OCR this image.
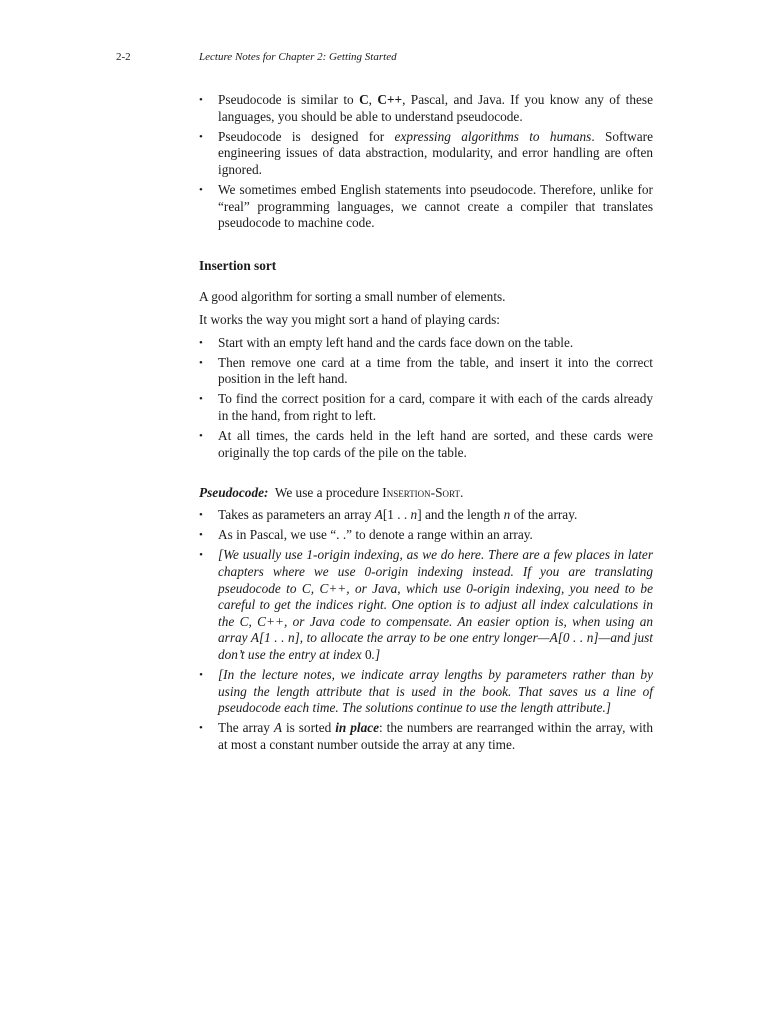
2-2	Lecture Notes for Chapter 2: Getting Started
• Pseudocode is similar to C, C++, Pascal, and Java. If you know any of these languages, you should be able to understand pseudocode.
• Pseudocode is designed for expressing algorithms to humans. Software engineering issues of data abstraction, modularity, and error handling are often ignored.
• We sometimes embed English statements into pseudocode. Therefore, unlike for “real” programming languages, we cannot create a compiler that translates pseudocode to machine code.
Insertion sort

A good algorithm for sorting a small number of elements.

It works the way you might sort a hand of playing cards:

• Start with an empty left hand and the cards face down on the table.
• Then remove one card at a time from the table, and insert it into the correct position in the left hand.
• To find the correct position for a card, compare it with each of the cards already in the hand, from right to left.
• At all times, the cards held in the left hand are sorted, and these cards were originally the top cards of the pile on the table.

Pseudocode:  We use a procedure Insertion-Sort.

• Takes as parameters an array A[1 . . n] and the length n of the array.
• As in Pascal, we use “. .” to denote a range within an array.
• [We usually use 1-origin indexing, as we do here. There are a few places in later chapters where we use 0-origin indexing instead. If you are translating pseudocode to C, C++, or Java, which use 0-origin indexing, you need to be careful to get the indices right. One option is to adjust all index calculations in the C, C++, or Java code to compensate. An easier option is, when using an array A[1 . . n], to allocate the array to be one entry longer—A[0 . . n]—and just don’t use the entry at index 0.]
• [In the lecture notes, we indicate array lengths by parameters rather than by using the length attribute that is used in the book. That saves us a line of pseudocode each time. The solutions continue to use the length attribute.]
• The array A is sorted in place: the numbers are rearranged within the array, with at most a constant number outside the array at any time.
